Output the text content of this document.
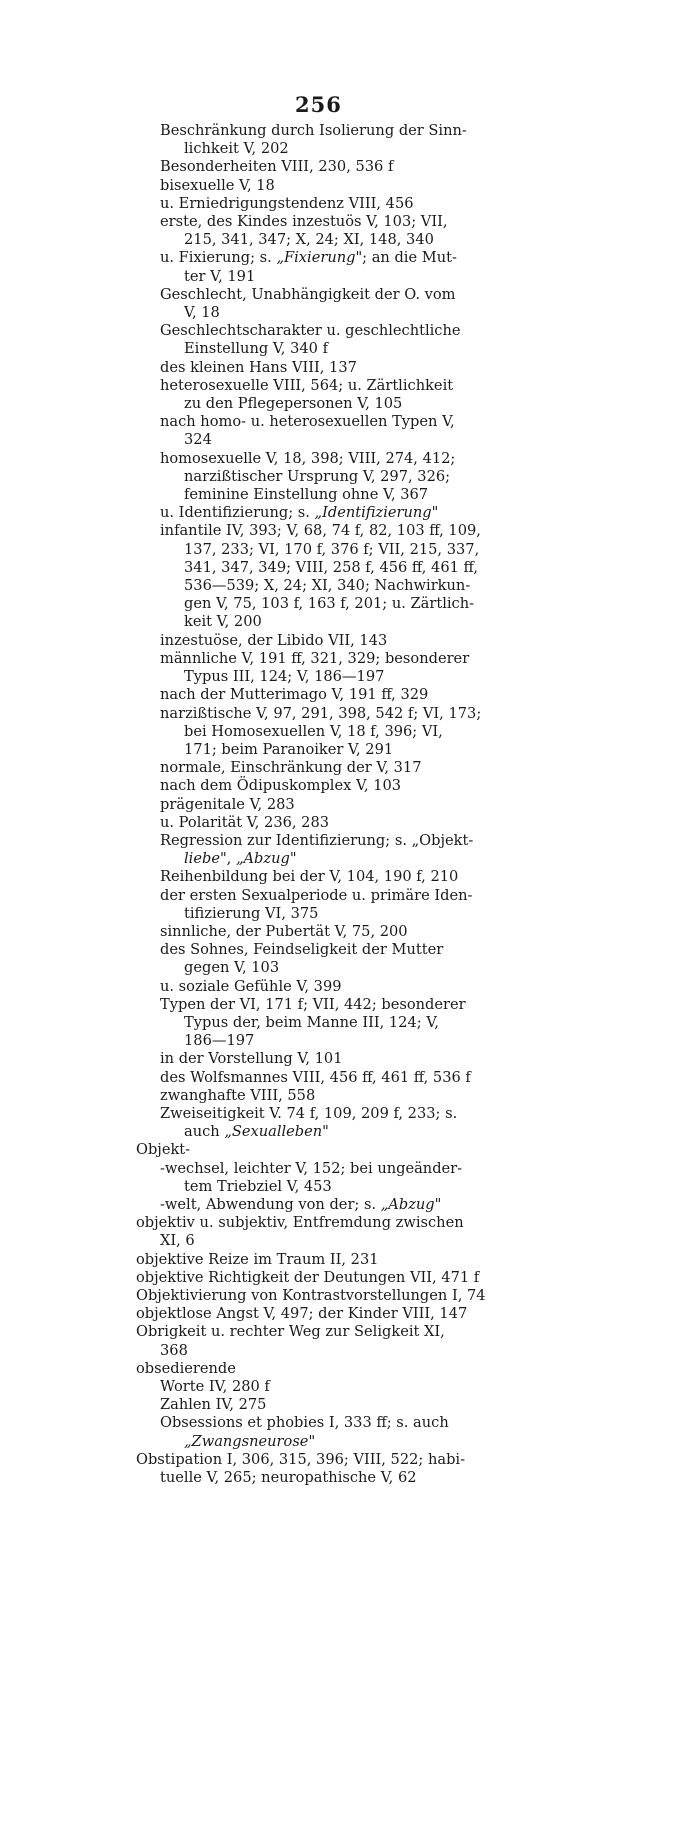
256
Beschränkung durch Isolierung der Sinn-
lichkeit V, 202
Besonderheiten VIII, 230, 536 f
bisexuelle V, 18
u. Erniedrigungstendenz VIII, 456
erste, des Kindes inzestuös V, 103; VII,
215, 341, 347; X, 24; XI, 148, 340
u. Fixierung; s. „Fixierung"; an die Mut-
ter V, 191
Geschlecht, Unabhängigkeit der O. vom
V, 18
Geschlechtscharakter u. geschlechtliche
Einstellung V, 340 f
des kleinen Hans VIII, 137
heterosexuelle VIII, 564; u. Zärtlichkeit
zu den Pflegepersonen V, 105
nach homo- u. heterosexuellen Typen V,
324
homosexuelle V, 18, 398; VIII, 274, 412;
narzißtischer Ursprung V, 297, 326;
feminine Einstellung ohne V, 367
u. Identifizierung; s. „Identifizierung"
infantile IV, 393; V, 68, 74 f, 82, 103 ff, 109,
137, 233; VI, 170 f, 376 f; VII, 215, 337,
341, 347, 349; VIII, 258 f, 456 ff, 461 ff,
536—539; X, 24; XI, 340; Nachwirkun-
gen V, 75, 103 f, 163 f, 201; u. Zärtlich-
keit V, 200
inzestuöse, der Libido VII, 143
männliche V, 191 ff, 321, 329; besonderer
Typus III, 124; V, 186—197
nach der Mutterimago V, 191 ff, 329
narzißtische V, 97, 291, 398, 542 f; VI, 173;
bei Homosexuellen V, 18 f, 396; VI,
171; beim Paranoiker V, 291
normale, Einschränkung der V, 317
nach dem Ödipuskomplex V, 103
prägenitale V, 283
u. Polarität V, 236, 283
Regression zur Identifizierung; s. „Objekt-
liebe", „Abzug"
Reihenbildung bei der V, 104, 190 f, 210
der ersten Sexualperiode u. primäre Iden-
tifizierung VI, 375
sinnliche, der Pubertät V, 75, 200
des Sohnes, Feindseligkeit der Mutter
gegen V, 103
u. soziale Gefühle V, 399
Typen der VI, 171 f; VII, 442; besonderer
Typus der, beim Manne III, 124; V,
186—197
in der Vorstellung V, 101
des Wolfsmannes VIII, 456 ff, 461 ff, 536 f
zwanghafte VIII, 558
Zweiseitigkeit V. 74 f, 109, 209 f, 233; s.
auch „Sexualleben"
Objekt-
-wechsel, leichter V, 152; bei ungeänder-
tem Triebziel V, 453
-welt, Abwendung von der; s. „Abzug"
objektiv u. subjektiv, Entfremdung zwischen
XI, 6
objektive Reize im Traum II, 231
objektive Richtigkeit der Deutungen VII, 471 f
Objektivierung von Kontrastvorstellungen I, 74
objektlose Angst V, 497; der Kinder VIII, 147
Obrigkeit u. rechter Weg zur Seligkeit XI,
368
obsedierende
Worte IV, 280 f
Zahlen IV, 275
Obsessions et phobies I, 333 ff; s. auch
„Zwangsneurose"
Obstipation I, 306, 315, 396; VIII, 522; habi-
tuelle V, 265; neuropathische V, 62
